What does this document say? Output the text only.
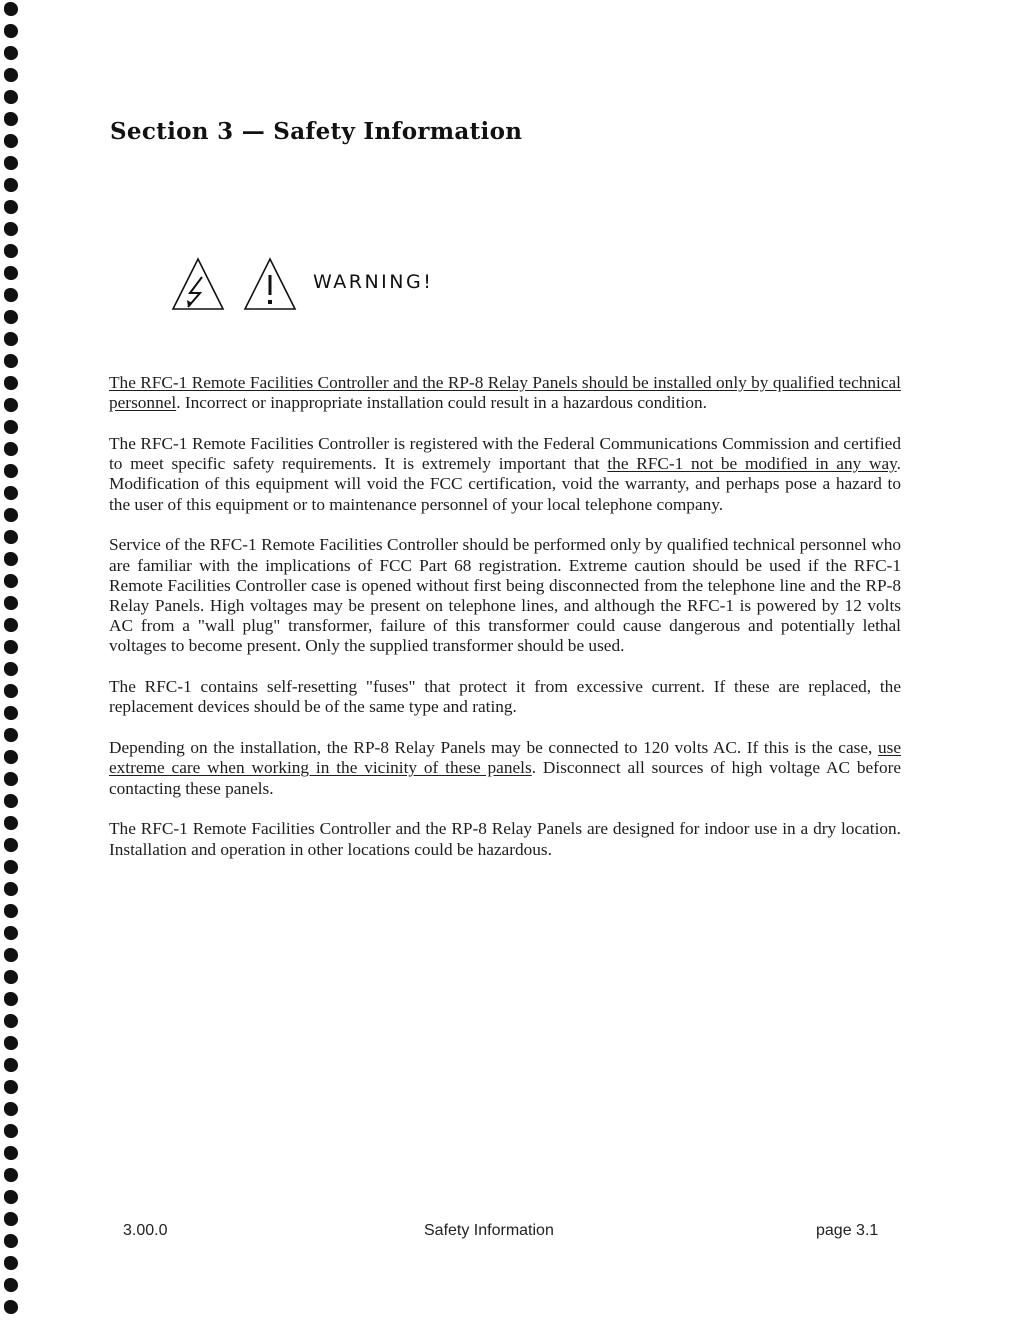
Section 3 — Safety Information
WARNING!

The RFC-1 Remote Facilities Controller and the RP-8 Relay Panels should be installed only by qualified technical personnel. Incorrect or inappropriate installation could result in a hazardous condition.

The RFC-1 Remote Facilities Controller is registered with the Federal Communications Commission and certified to meet specific safety requirements. It is extremely important that the RFC-1 not be modified in any way. Modification of this equipment will void the FCC certification, void the warranty, and perhaps pose a hazard to the user of this equipment or to maintenance personnel of your local telephone company.

Service of the RFC-1 Remote Facilities Controller should be performed only by qualified technical personnel who are familiar with the implications of FCC Part 68 registration. Extreme caution should be used if the RFC-1 Remote Facilities Controller case is opened without first being disconnected from the telephone line and the RP-8 Relay Panels. High voltages may be present on telephone lines, and although the RFC-1 is powered by 12 volts AC from a "wall plug" transformer, failure of this transformer could cause dangerous and potentially lethal voltages to become present. Only the supplied transformer should be used.

The RFC-1 contains self-resetting "fuses" that protect it from excessive current. If these are replaced, the replacement devices should be of the same type and rating.

Depending on the installation, the RP-8 Relay Panels may be connected to 120 volts AC. If this is the case, use extreme care when working in the vicinity of these panels. Disconnect all sources of high voltage AC before contacting these panels.

The RFC-1 Remote Facilities Controller and the RP-8 Relay Panels are designed for indoor use in a dry location. Installation and operation in other locations could be hazardous.

3.00.0	Safety Information	page 3.1
